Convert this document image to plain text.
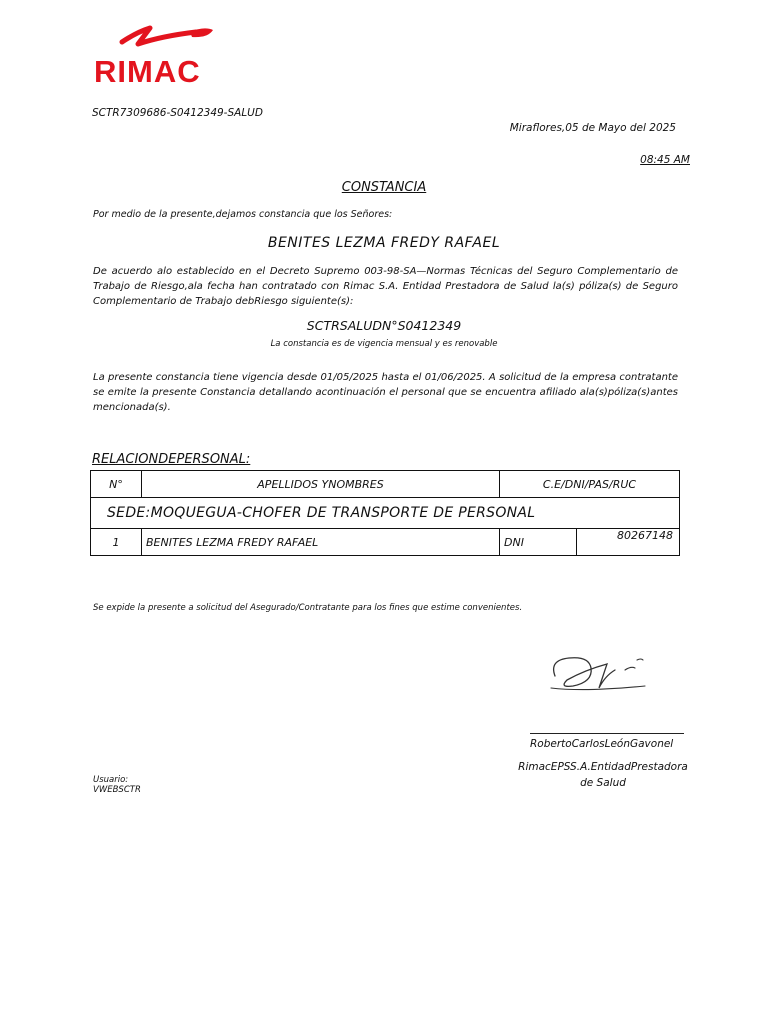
RIMAC
SCTR7309686-S0412349-SALUD
Miraflores,05 de Mayo del 2025
08:45 AM
CONSTANCIA
Por medio de la presente,dejamos constancia que los Señores:
BENITES LEZMA FREDY RAFAEL
De acuerdo alo establecido en el Decreto Supremo 003-98-SA—Normas Técnicas del Seguro Complementario de Trabajo de Riesgo,ala fecha han contratado con Rimac S.A. Entidad Prestadora de Salud la(s) póliza(s) de Seguro Complementario de Trabajo debRiesgo siguiente(s):
SCTRSALUDN°S0412349
La constancia es de vigencia mensual y es renovable
La presente constancia tiene vigencia desde 01/05/2025 hasta el 01/06/2025. A solicitud de la empresa contratante se emite la presente Constancia detallando acontinuación el personal que se encuentra afiliado ala(s)póliza(s)antes mencionada(s).
RELACIONDEPERSONAL:
N°	APELLIDOS YNOMBRES	C.E/DNI/PAS/RUC	
SEDE:MOQUEGUA-CHOFER DE TRANSPORTE DE PERSONAL			
1	BENITES LEZMA FREDY RAFAEL	DNI	80267148
Se expide la presente a solicitud del Asegurado/Contratante para los fines que estime convenientes.
RobertoCarlosLeónGavonel
RimacEPSS.A.EntidadPrestadora
de Salud
Usuario:
VWEBSCTR
